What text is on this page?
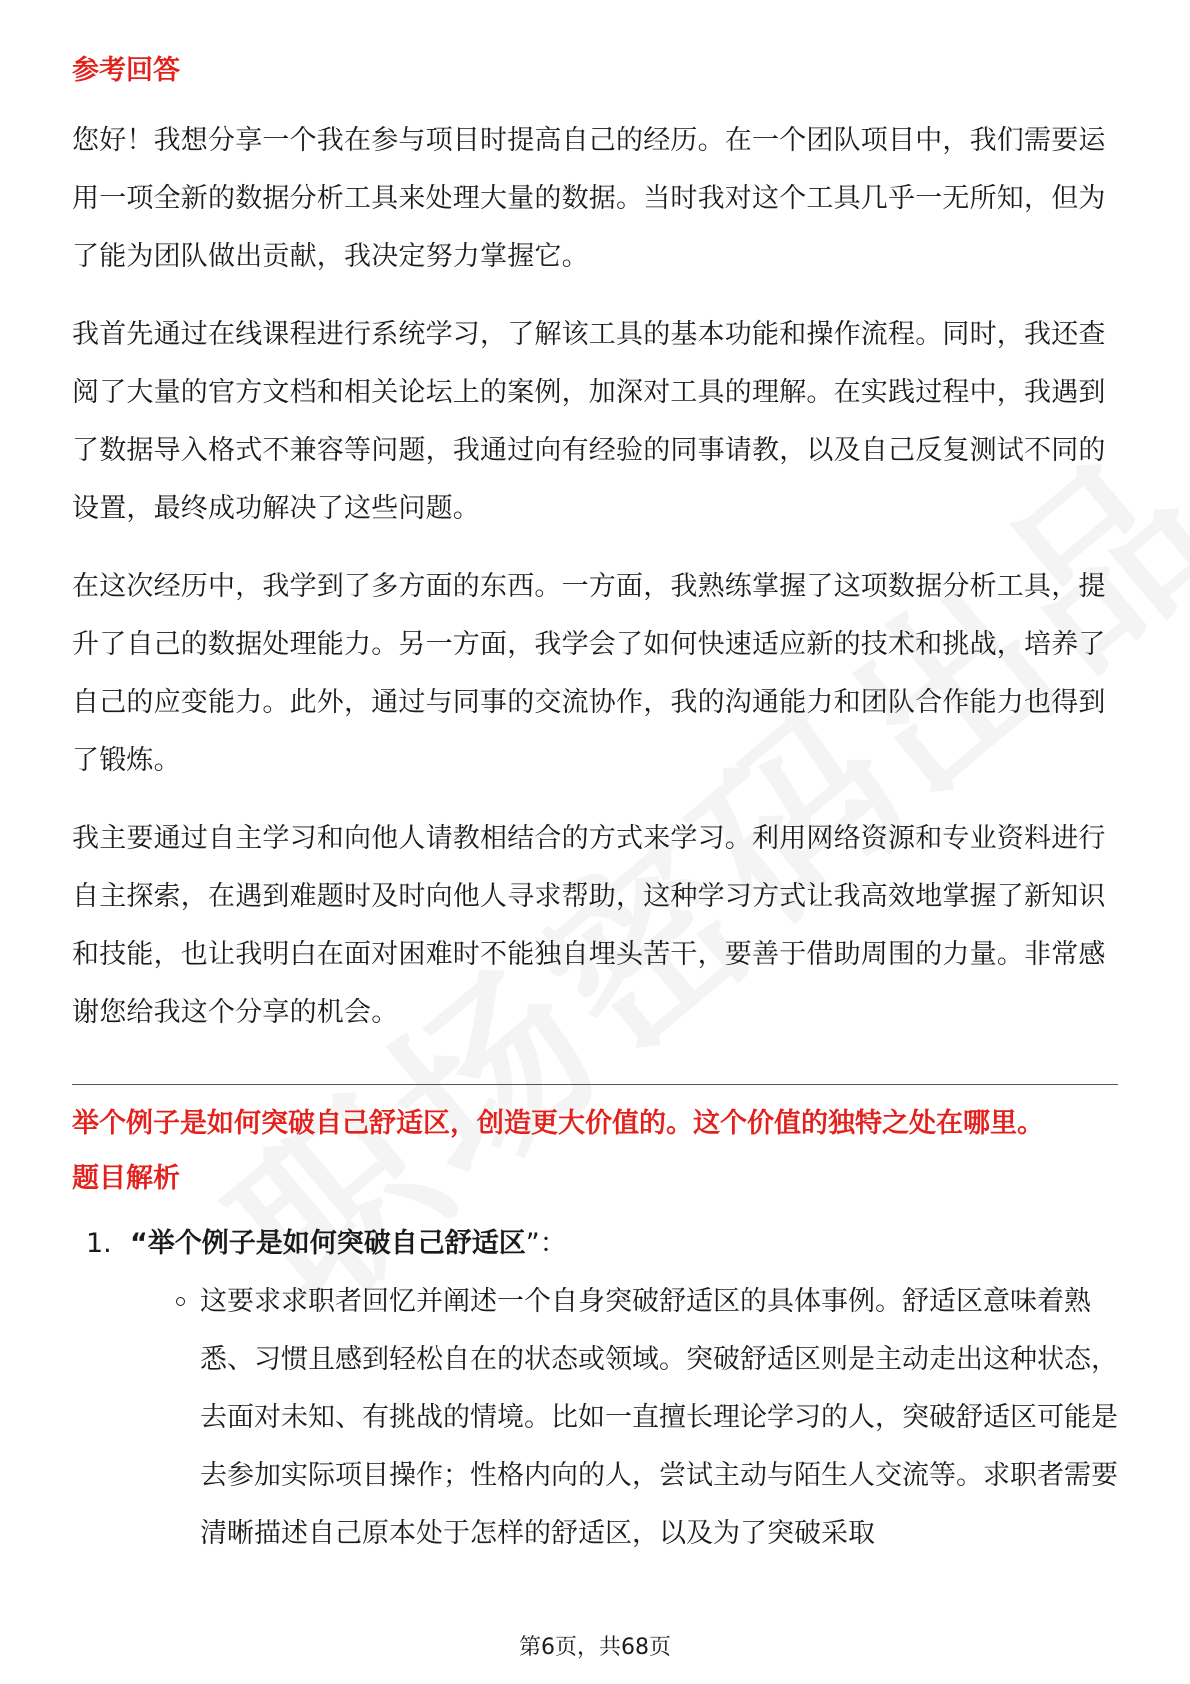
参考回答

您好！我想分享一个我在参与项目时提高自己的经历。在一个团队项目中，我们需要运用一项全新的数据分析工具来处理大量的数据。当时我对这个工具几乎一无所知，但为了能为团队做出贡献，我决定努力掌握它。

我首先通过在线课程进行系统学习，了解该工具的基本功能和操作流程。同时，我还查阅了大量的官方文档和相关论坛上的案例，加深对工具的理解。在实践过程中，我遇到了数据导入格式不兼容等问题，我通过向有经验的同事请教，以及自己反复测试不同的设置，最终成功解决了这些问题。

在这次经历中，我学到了多方面的东西。一方面，我熟练掌握了这项数据分析工具，提升了自己的数据处理能力。另一方面，我学会了如何快速适应新的技术和挑战，培养了自己的应变能力。此外，通过与同事的交流协作，我的沟通能力和团队合作能力也得到了锻炼。

我主要通过自主学习和向他人请教相结合的方式来学习。利用网络资源和专业资料进行自主探索，在遇到难题时及时向他人寻求帮助，这种学习方式让我高效地掌握了新知识和技能，也让我明白在面对困难时不能独自埋头苦干，要善于借助周围的力量。非常感谢您给我这个分享的机会。

举个例子是如何突破自己舒适区，创造更大价值的。这个价值的独特之处在哪里。

题目解析

1. “举个例子是如何突破自己舒适区”：
这要求求职者回忆并阐述一个自身突破舒适区的具体事例。舒适区意味着熟悉、习惯且感到轻松自在的状态或领域。突破舒适区则是主动走出这种状态，去面对未知、有挑战的情境。比如一直擅长理论学习的人，突破舒适区可能是去参加实际项目操作；性格内向的人，尝试主动与陌生人交流等。求职者需要清晰描述自己原本处于怎样的舒适区，以及为了突破采取
第6页，共68页
